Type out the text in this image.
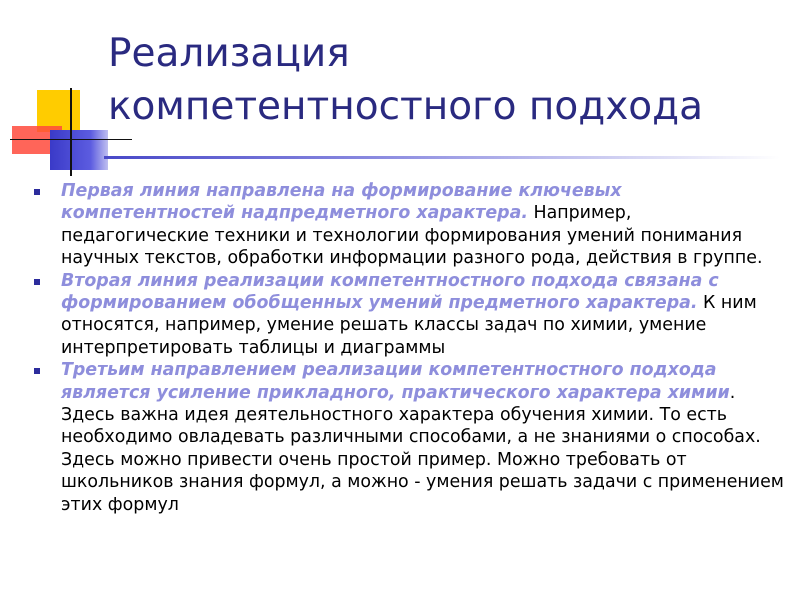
Реализация
компетентностного подхода
Первая линия направлена на формирование ключевых компетентностей надпредметного характера. Например, педагогические техники и технологии формирования умений понимания научных текстов, обработки информации разного рода, действия в группе.
Вторая линия реализации компетентностного подхода связана с формированием обобщенных умений предметного характера. К ним относятся, например, умение решать классы задач по химии, умение интерпретировать таблицы и диаграммы
Третьим направлением реализации компетентностного подхода является усиление прикладного, практического характера химии. Здесь важна идея деятельностного характера обучения химии. То есть необходимо овладевать различными способами, а не знаниями о способах. Здесь можно привести очень простой пример. Можно требовать от школьников знания формул, а можно - умения решать задачи с применением этих формул
